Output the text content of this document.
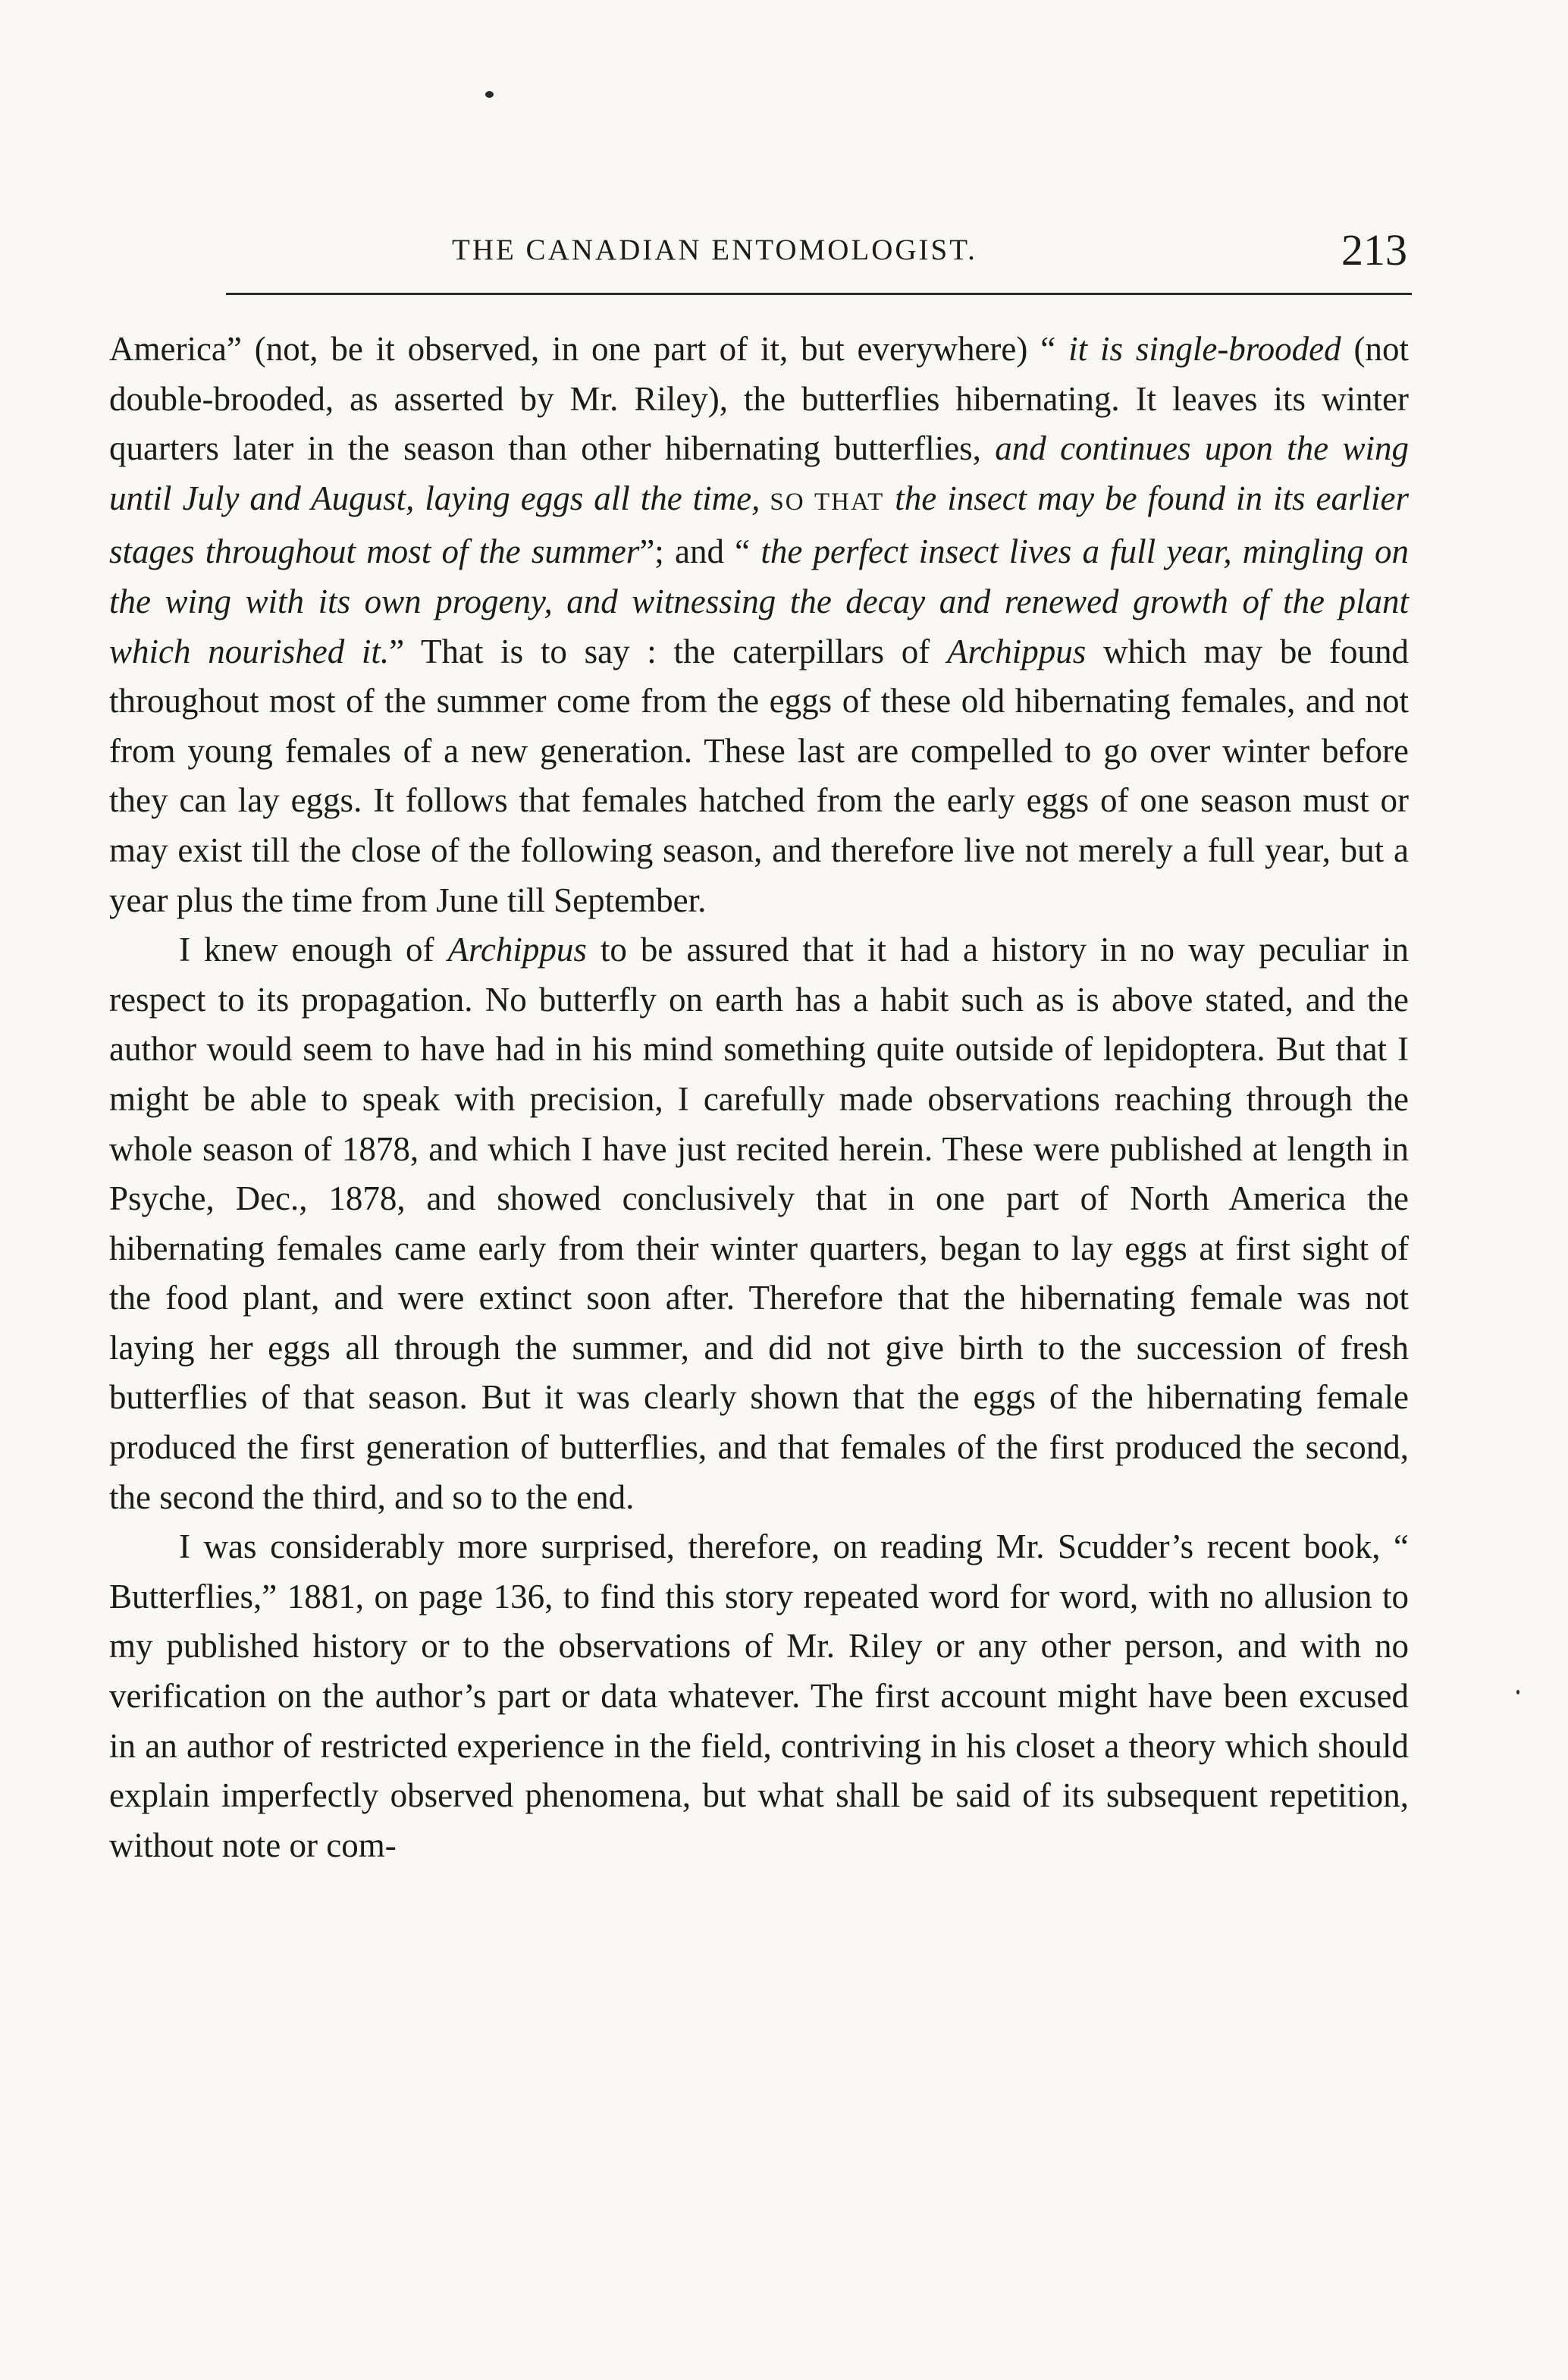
THE CANADIAN ENTOMOLOGIST.	213

America” (not, be it observed, in one part of it, but everywhere) “ it is single-brooded (not double-brooded, as asserted by Mr. Riley), the butterflies hibernating. It leaves its winter quarters later in the season than other hibernating butterflies, and continues upon the wing until July and August, laying eggs all the time, SO THAT the insect may be found in its earlier stages throughout most of the summer”; and “ the perfect insect lives a full year, mingling on the wing with its own progeny, and witnessing the decay and renewed growth of the plant which nourished it.” That is to say : the caterpillars of Archippus which may be found throughout most of the summer come from the eggs of these old hibernating females, and not from young females of a new generation. These last are compelled to go over winter before they can lay eggs. It follows that females hatched from the early eggs of one season must or may exist till the close of the following season, and therefore live not merely a full year, but a year plus the time from June till September.

I knew enough of Archippus to be assured that it had a history in no way peculiar in respect to its propagation. No butterfly on earth has a habit such as is above stated, and the author would seem to have had in his mind something quite outside of lepidoptera. But that I might be able to speak with precision, I carefully made observations reaching through the whole season of 1878, and which I have just recited herein. These were published at length in Psyche, Dec., 1878, and showed conclusively that in one part of North America the hibernating females came early from their winter quarters, began to lay eggs at first sight of the food plant, and were extinct soon after. Therefore that the hibernating female was not laying her eggs all through the summer, and did not give birth to the succession of fresh butterflies of that season. But it was clearly shown that the eggs of the hibernating female produced the first generation of butterflies, and that females of the first produced the second, the second the third, and so to the end.

I was considerably more surprised, therefore, on reading Mr. Scudder’s recent book, “ Butterflies,” 1881, on page 136, to find this story repeated word for word, with no allusion to my published history or to the observations of Mr. Riley or any other person, and with no verification on the author’s part or data whatever. The first account might have been excused in an author of restricted experience in the field, contriving in his closet a theory which should explain imperfectly observed phenomena, but what shall be said of its subsequent repetition, without note or com-
